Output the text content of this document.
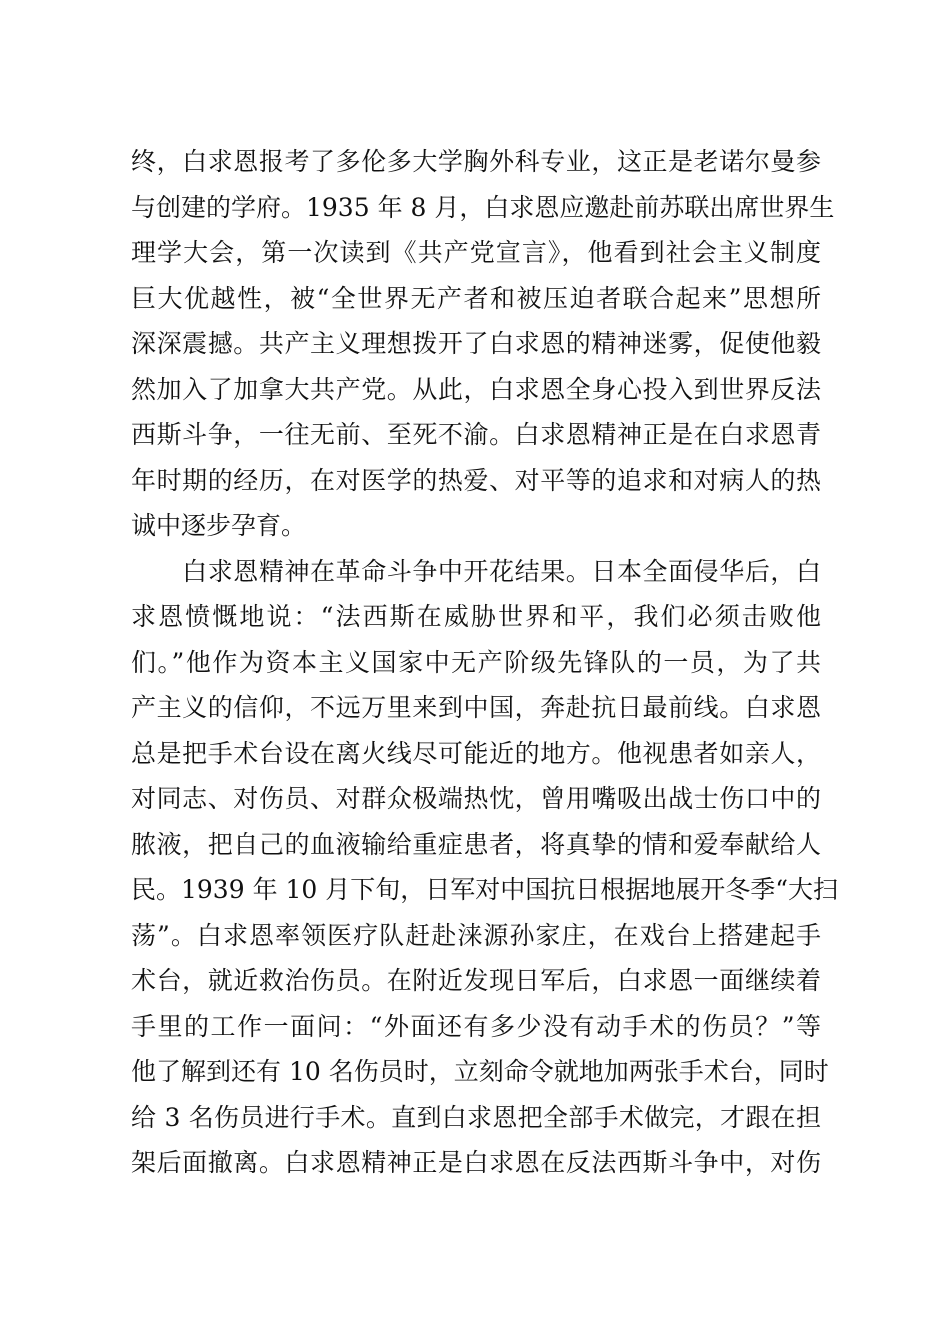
终，白求恩报考了多伦多大学胸外科专业，这正是老诺尔曼参
与创建的学府。1935 年 8 月，白求恩应邀赴前苏联出席世界生
理学大会，第一次读到《共产党宣言》，他看到社会主义制度
巨大优越性，被“全世界无产者和被压迫者联合起来”思想所
深深震撼。共产主义理想拨开了白求恩的精神迷雾，促使他毅
然加入了加拿大共产党。从此，白求恩全身心投入到世界反法
西斯斗争，一往无前、至死不渝。白求恩精神正是在白求恩青
年时期的经历，在对医学的热爱、对平等的追求和对病人的热
诚中逐步孕育。
　　白求恩精神在革命斗争中开花结果。日本全面侵华后，白
求恩愤慨地说：“法西斯在威胁世界和平，我们必须击败他
们。”他作为资本主义国家中无产阶级先锋队的一员，为了共
产主义的信仰，不远万里来到中国，奔赴抗日最前线。白求恩
总是把手术台设在离火线尽可能近的地方。他视患者如亲人，
对同志、对伤员、对群众极端热忱，曾用嘴吸出战士伤口中的
脓液，把自己的血液输给重症患者，将真挚的情和爱奉献给人
民。1939 年 10 月下旬，日军对中国抗日根据地展开冬季“大扫
荡”。白求恩率领医疗队赶赴涞源孙家庄，在戏台上搭建起手
术台，就近救治伤员。在附近发现日军后，白求恩一面继续着
手里的工作一面问：“外面还有多少没有动手术的伤员？”等
他了解到还有 10 名伤员时，立刻命令就地加两张手术台，同时
给 3 名伤员进行手术。直到白求恩把全部手术做完，才跟在担
架后面撤离。白求恩精神正是白求恩在反法西斯斗争中，对伤
